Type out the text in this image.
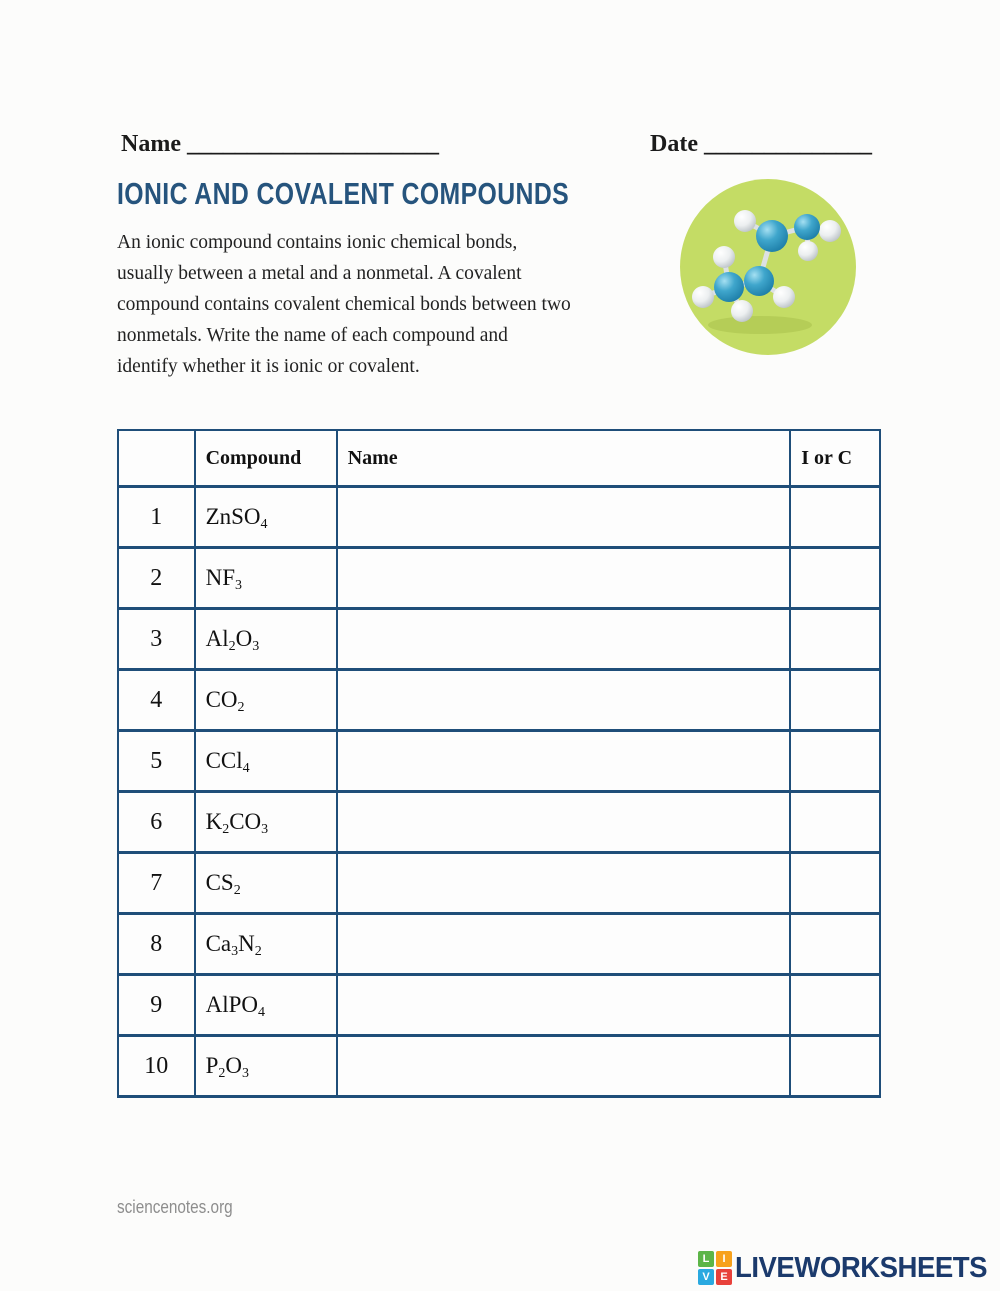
Name _____________________	Date ______________
IONIC AND COVALENT COMPOUNDS
An ionic compound contains ionic chemical bonds,
usually between a metal and a nonmetal. A covalent
compound contains covalent chemical bonds between two
nonmetals. Write the name of each compound and
identify whether it is ionic or covalent.
	Compound	Name	I or C
1	ZnSO$_4$		
2	$NF_3$		
3	$Al_2O_3$		
4	$CO_2$		
5	CCl$_4$		
6	$K_2CO_3$		
7	$CS_2$		
8	$Ca_3N_2$		
9	AlPO$_4$		
10	$P_2O_3$		
sciencenotes.org
L	I
V E LIVEWORKSHEETS
